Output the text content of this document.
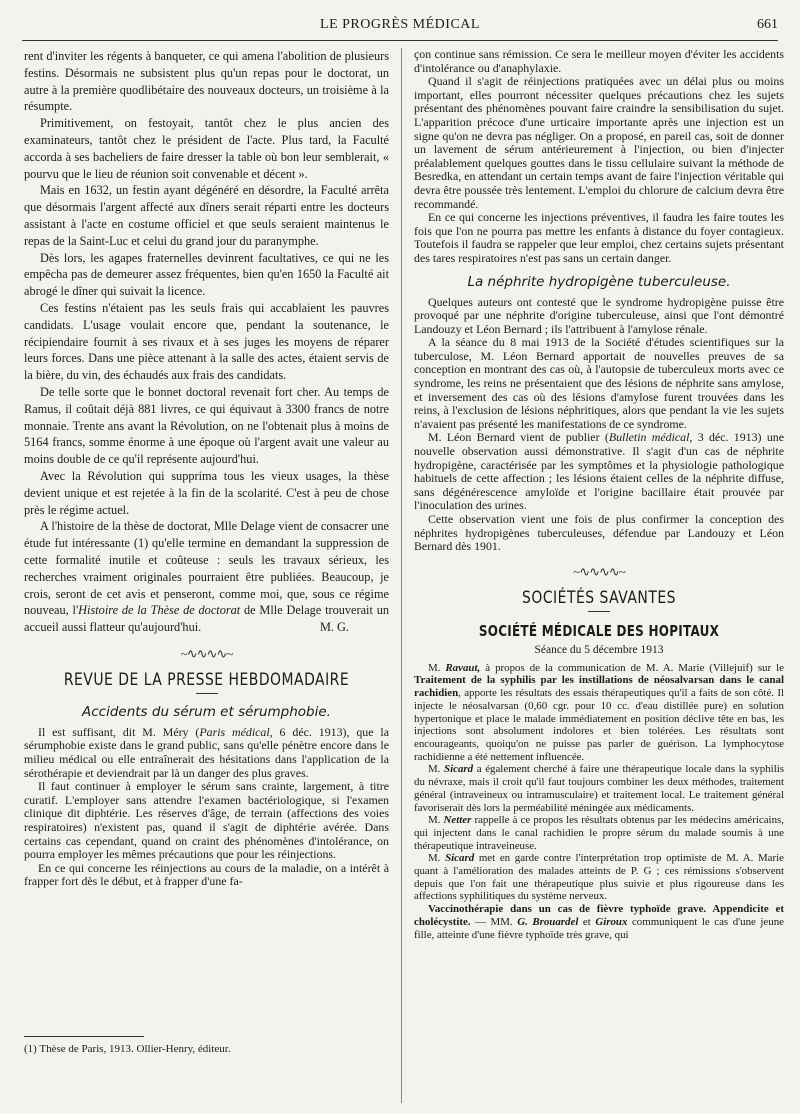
LE PROGRÈS MÉDICAL	661

rent d'inviter les régents à banqueter, ce qui amena l'abolition de plusieurs festins. Désormais ne subsistent plus qu'un repas pour le doctorat, un autre à la première quodlibétaire des nouveaux docteurs, un troisième à la résumpte.

Primitivement, on festoyait, tantôt chez le plus ancien des examinateurs, tantôt chez le président de l'acte. Plus tard, la Faculté accorda à ses bacheliers de faire dresser la table où bon leur semblerait, « pourvu que le lieu de réunion soit convenable et décent ».

Mais en 1632, un festin ayant dégénéré en désordre, la Faculté arrêta que désormais l'argent affecté aux dîners serait réparti entre les docteurs assistant à l'acte en costume officiel et que seuls seraient maintenus le repas de la Saint-Luc et celui du grand jour du paranymphe.

Dès lors, les agapes fraternelles devinrent facultatives, ce qui ne les empêcha pas de demeurer assez fréquentes, bien qu'en 1650 la Faculté ait abrogé le dîner qui suivait la licence.

Ces festins n'étaient pas les seuls frais qui accablaient les pauvres candidats. L'usage voulait encore que, pendant la soutenance, le récipiendaire fournit à ses rivaux et à ses juges les moyens de réparer leurs forces. Dans une pièce attenant à la salle des actes, étaient servis de la bière, du vin, des échaudés aux frais des candidats.

De telle sorte que le bonnet doctoral revenait fort cher. Au temps de Ramus, il coûtait déjà 881 livres, ce qui équivaut à 3300 francs de notre monnaie. Trente ans avant la Révolution, on ne l'obtenait plus à moins de 5164 francs, somme énorme à une époque où l'argent avait une valeur au moins double de ce qu'il représente aujourd'hui.

Avec la Révolution qui supprima tous les vieux usages, la thèse devient unique et est rejetée à la fin de la scolarité. C'est à peu de chose près le régime actuel.

A l'histoire de la thèse de doctorat, Mlle Delage vient de consacrer une étude fut intéressante (1) qu'elle termine en demandant la suppression de cette formalité inutile et coûteuse : seuls les travaux sérieux, les recherches vraiment originales pourraient être publiées. Beaucoup, je crois, seront de cet avis et penseront, comme moi, que, sous ce régime nouveau, l'Histoire de la Thèse de doctorat de Mlle Delage trouverait un accueil aussi flatteur qu'aujourd'hui.	M. G.
~∿∿∿∿~
REVUE DE LA PRESSE HEBDOMADAIRE
Accidents du sérum et sérumphobie.

Il est suffisant, dit M. Méry (Paris médical, 6 déc. 1913), que la sérumphobie existe dans le grand public, sans qu'elle pénètre encore dans le milieu médical ou elle entraînerait des hésitations dans l'application de la sérothérapie et deviendrait par là un danger des plus graves.

Il faut continuer à employer le sérum sans crainte, largement, à titre curatif. L'employer sans attendre l'examen bactériologique, si l'examen clinique dit diphtérie. Les réserves d'âge, de terrain (affections des voies respiratoires) n'existent pas, quand il s'agit de diphtérie avérée. Dans certains cas cependant, quand on craint des phénomènes d'intolérance, on pourra employer les mêmes précautions que pour les réinjections.

En ce qui concerne les réinjections au cours de la maladie, on a intérêt à frapper fort dès le début, et à frapper d'une fa-

(1) Thèse de Paris, 1913. Ollier-Henry, éditeur.

çon continue sans rémission. Ce sera le meilleur moyen d'éviter les accidents d'intolérance ou d'anaphylaxie.

Quand il s'agit de réinjections pratiquées avec un délai plus ou moins important, elles pourront nécessiter quelques précautions chez les sujets présentant des phénomènes pouvant faire craindre la sensibilisation du sujet. L'apparition précoce d'une urticaire importante après une injection est un signe qu'on ne devra pas négliger. On a proposé, en pareil cas, soit de donner un lavement de sérum antérieurement à l'injection, ou bien d'injecter préalablement quelques gouttes dans le tissu cellulaire suivant la méthode de Besredka, en attendant un certain temps avant de faire l'injection véritable qui devra être poussée très lentement. L'emploi du chlorure de calcium devra être recommandé.

En ce qui concerne les injections préventives, il faudra les faire toutes les fois que l'on ne pourra pas mettre les enfants à distance du foyer contagieux. Toutefois il faudra se rappeler que leur emploi, chez certains sujets présentant des tares respiratoires n'est pas sans un certain danger.

La néphrite hydropigène tuberculeuse.

Quelques auteurs ont contesté que le syndrome hydropigène puisse être provoqué par une néphrite d'origine tuberculeuse, ainsi que l'ont démontré Landouzy et Léon Bernard ; ils l'attribuent à l'amylose rénale.

A la séance du 8 mai 1913 de la Société d'études scientifiques sur la tuberculose, M. Léon Bernard apportait de nouvelles preuves de sa conception en montrant des cas où, à l'autopsie de tuberculeux morts avec ce syndrome, les reins ne présentaient que des lésions de néphrite sans amylose, et inversement des cas où des lésions d'amylose furent trouvées dans les reins, à l'exclusion de lésions néphritiques, alors que pendant la vie les sujets n'avaient pas présenté les manifestations de ce syndrome.

M. Léon Bernard vient de publier (Bulletin médical, 3 déc. 1913) une nouvelle observation aussi démonstrative. Il s'agit d'un cas de néphrite hydropigène, caractérisée par les symptômes et la physiologie pathologique habituels de cette affection ; les lésions étaient celles de la néphrite diffuse, sans dégénérescence amyloïde et l'origine bacillaire était prouvée par l'inoculation des urines.

Cette observation vient une fois de plus confirmer la conception des néphrites hydropigènes tuberculeuses, défendue par Landouzy et Léon Bernard dès 1901.

~∿∿∿∿~
SOCIÉTÉS SAVANTES
SOCIÉTÉ MÉDICALE DES HOPITAUX
Séance du 5 décembre 1913

M. Ravaut, à propos de la communication de M. A. Marie (Villejuif) sur le Traitement de la syphilis par les instillations de néosalvarsan dans le canal rachidien, apporte les résultats des essais thérapeutiques qu'il a faits de son côté. Il injecte le néosalvarsan (0,60 cgr. pour 10 cc. d'eau distillée pure) en solution hypertonique et place le malade immédiatement en position déclive tête en bas, les injections sont absolument indolores et bien tolérées. Les résultats sont encourageants, quoiqu'on ne puisse pas parler de guérison. La lymphocytose rachidienne a été nettement influencée.

M. Sicard a également cherché à faire une thérapeutique locale dans la syphilis du névraxe, mais il croit qu'il faut toujours combiner les deux méthodes, traitement général (intraveineux ou intramusculaire) et traitement local. Le traitement général favoriserait dès lors la perméabilité méningée aux médicaments.

M. Netter rappelle à ce propos les résultats obtenus par les médecins américains, qui injectent dans le canal rachidien le propre sérum du malade soumis à une thérapeutique intraveineuse.

M. Sicard met en garde contre l'interprétation trop optimiste de M. A. Marie quant à l'amélioration des malades atteints de P. G ; ces rémissions s'observent depuis que l'on fait une thérapeutique plus suivie et plus rigoureuse dans les affections syphilitiques du système nerveux.

Vaccinothérapie dans un cas de fièvre typhoïde grave. Appendicite et cholécystite. — MM. G. Brouardel et Giroux communiquent le cas d'une jeune fille, atteinte d'une fièvre typhoïde très grave, qui
